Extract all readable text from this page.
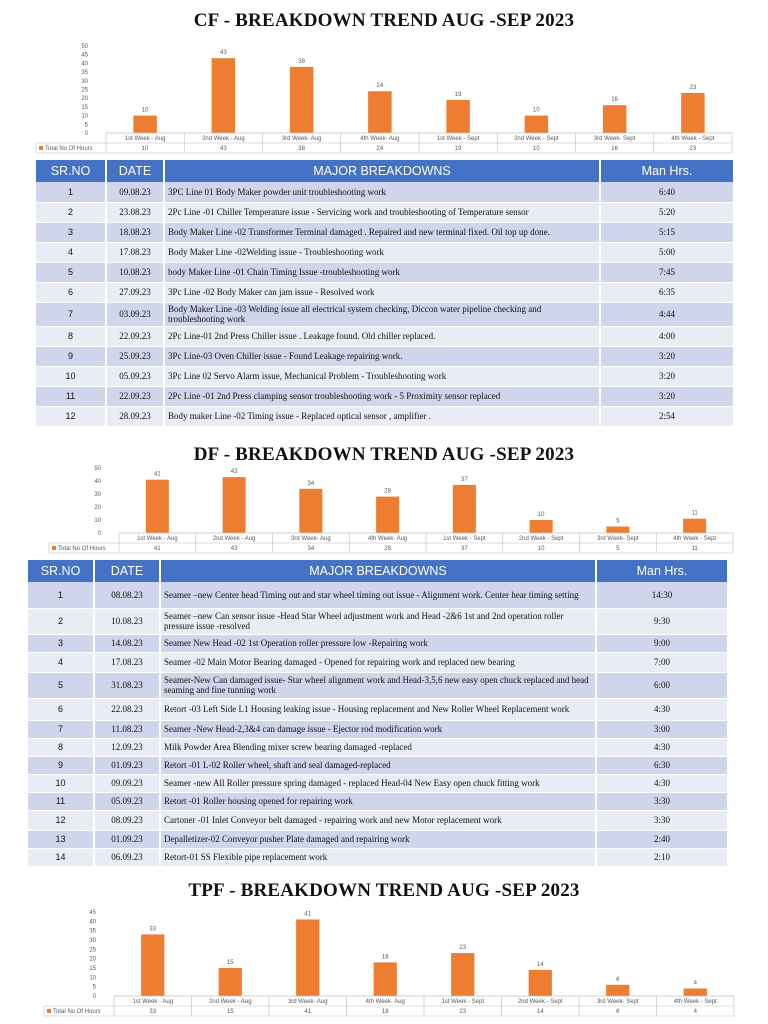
CF - BREAKDOWN TREND AUG -SEP 2023
0
5
10
15
20
25
30
35
40
45
50
10
43
38
24
19
10
16
23
1st Week - Aug
10
2nd Week - Aug
43
3rd Week- Aug
38
4th Week- Aug
24
1st Week - Sept
19
2nd Week - Sept
10
3rd Week- Sept
16
4th Week - Sept
23
Total No Of Hours
SR.NO	DATE	MAJOR BREAKDOWNS	Man Hrs.
1	09.08.23	3PC Line 01 Body Maker powder unit troubleshooting work	6:40
2	23.08.23	2Pc Line -01 Chiller Temperature issue - Servicing work and troubleshooting of Temperature sensor	5:20
3	18.08.23	Body Maker Line -02 Transformer Terminal damaged . Repaired and new terminal fixed. Oil top up done.	5:15
4	17.08.23	Body Maker Line -02Welding issue - Troubleshooting work	5:00
5	10.08.23	body Maker Line -01 Chain Timing Issue -troubleshooting work	7:45
6	27.09.23	3Pc Line -02 Body Maker can jam issue - Resolved work	6:35
7	03.09.23	Body Maker Line -03 Welding issue all electrical system checking, Diccon water pipeline checking and troubleshooting work	4:44
8	22.09.23	2Pc Line-01 2nd Press Chiller issue . Leakage found. Old chiller replaced.	4:00
9	25.09.23	3Pc Line-03 Oven Chiller issue - Found Leakage repairing work.	3:20
10	05.09.23	3Pc Line 02 Servo Alarm issue, Mechanical Problem - Troubleshooting work	3:20
11	22.09.23	2Pc Line -01 2nd Press clamping sensor troubleshooting work - 5 Proximity sensor replaced	3:20
12	28.09.23	Body maker Line -02 Timing issue - Replaced optical sensor , amplifier .	2:54
DF - BREAKDOWN TREND AUG -SEP 2023
0
10
20
30
40
50
41	43
34
28
37
10
5
11
1st Week - Aug
41
2nd Week - Aug
43
3rd Week- Aug
34
4th Week- Aug
28
1st Week - Sept
37
2nd Week - Sept
10
3rd Week- Sept
5
4th Week - Sept
11
Total No Of Hours
SR.NO	DATE	MAJOR BREAKDOWNS	Man Hrs.
1	08.08.23	Seamer –new Center head Timing out and star wheel timing out issue - Alignment work. Center hear timing setting	14:30
2	10.08.23	Seamer –new Can sensor issue -Head Star Wheel adjustment work and Head -2&6 1st and 2nd operation roller pressure issue -resolved	9:30
3	14.08.23	Seamer New Head -02 1st Operation roller pressure low -Repairing work	9:00
4	17.08.23	Seamer -02 Main Motor Bearing damaged - Opened for repairing work and replaced new bearing	7:00
5	31.08.23	Seamer-New Can damaged issue- Star wheel alignment work and Head-3,5,6 new easy open chuck replaced and head seaming and fine tunning work	6:00
6	22.08.23	Retort -03 Left Side L1 Housing leaking issue - Housing replacement and New Roller Wheel Replacement work	4:30
7	11.08.23	Seamer -New Head-2,3&4 can damage issue - Ejector rod modification work	3:00
8	12.09.23	Milk Powder Area Blending mixer screw bearing damaged -replaced	4:30
9	01.09.23	Retort -01 L-02 Roller wheel, shaft and seal damaged-replaced	6:30
10	09.09.23	Seamer -new All Roller pressure spring damaged - replaced Head-04 New Easy open chuck fitting work	4:30
11	05.09.23	Retort -01 Roller housing opened for repairing work	3:30
12	08.09.23	Cartoner -01 Inlet Conveyor belt damaged - repairing work and new Motor replacement work	3:30
13	01.09.23	Depalletizer-02 Conveyor pusher Plate damaged and repairing work	2:40
14	06.09.23	Retort-01 SS Flexible pipe replacement work	2:10
TPF - BREAKDOWN TREND AUG -SEP 2023
0
5
10
15
20
25
30
35
40
45
33
15
41
18
23
14
6
4
1st Week - Aug
33
2nd Week - Aug
15
3rd Week- Aug
41
4th Week- Aug
18
1st Week - Sept
23
2nd Week - Sept
14
3rd Week- Sept
6
4th Week - Sept
4
Total No Of Hours
